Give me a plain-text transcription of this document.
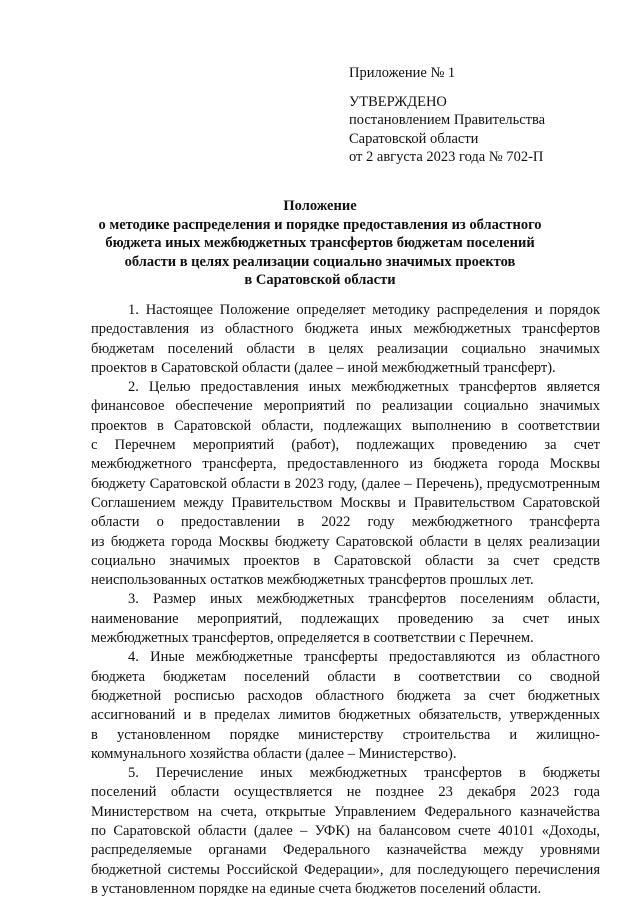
Приложение № 1
УТВЕРЖДЕНО
постановлением Правительства
Саратовской области
от 2 августа 2023 года № 702-П
Положение
о методике распределения и порядке предоставления из областного
бюджета иных межбюджетных трансфертов бюджетам поселений
области в целях реализации социально значимых проектов
в Саратовской области
1. Настоящее Положение определяет методику распределения и порядок
предоставления из областного бюджета иных межбюджетных трансфертов
бюджетам поселений области в целях реализации социально значимых
проектов в Саратовской области (далее – иной межбюджетный трансферт).
2. Целью предоставления иных межбюджетных трансфертов является
финансовое обеспечение мероприятий по реализации социально значимых
проектов в Саратовской области, подлежащих выполнению в соответствии
с Перечнем мероприятий (работ), подлежащих проведению за счет
межбюджетного трансферта, предоставленного из бюджета города Москвы
бюджету Саратовской области в 2023 году, (далее – Перечень), предусмотренным
Соглашением между Правительством Москвы и Правительством Саратовской
области о предоставлении в 2022 году межбюджетного трансферта
из бюджета города Москвы бюджету Саратовской области в целях реализации
социально значимых проектов в Саратовской области за счет средств
неиспользованных остатков межбюджетных трансфертов прошлых лет.
3. Размер иных межбюджетных трансфертов поселениям области,
наименование мероприятий, подлежащих проведению за счет иных
межбюджетных трансфертов, определяется в соответствии с Перечнем.
4. Иные межбюджетные трансферты предоставляются из областного
бюджета бюджетам поселений области в соответствии со сводной
бюджетной росписью расходов областного бюджета за счет бюджетных
ассигнований и в пределах лимитов бюджетных обязательств, утвержденных
в установленном порядке министерству строительства и жилищно-
коммунального хозяйства области (далее – Министерство).
5. Перечисление иных межбюджетных трансфертов в бюджеты
поселений области осуществляется не позднее 23 декабря 2023 года
Министерством на счета, открытые Управлением Федерального казначейства
по Саратовской области (далее – УФК) на балансовом счете 40101 «Доходы,
распределяемые органами Федерального казначейства между уровнями
бюджетной системы Российской Федерации», для последующего перечисления
в установленном порядке на единые счета бюджетов поселений области.
